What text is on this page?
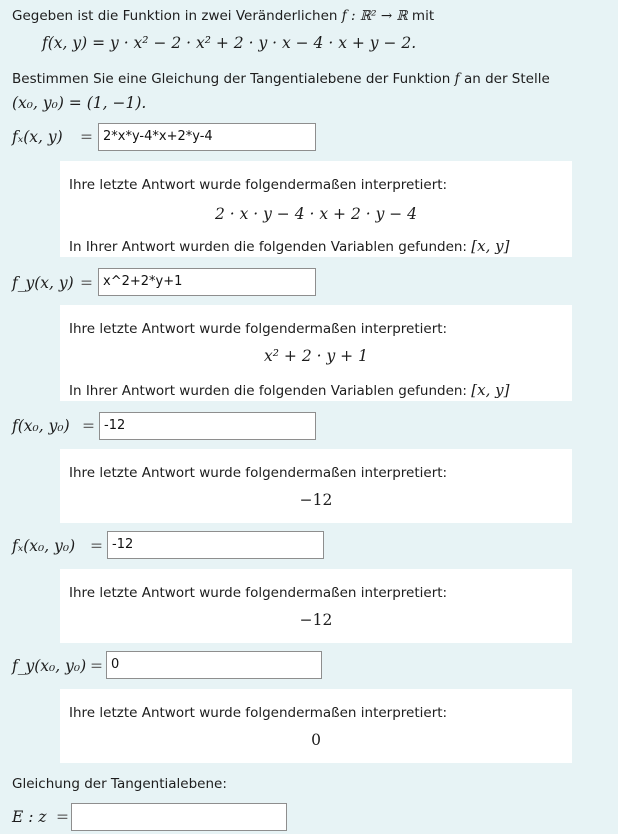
Gegeben ist die Funktion in zwei Veränderlichen f : ℝ² → ℝ mit
f(x, y) = y · x² − 2 · x² + 2 · y · x − 4 · x + y − 2.
Bestimmen Sie eine Gleichung der Tangentialebene der Funktion f an der Stelle
(x₀, y₀) = (1, −1).
fₓ(x, y) = 2*x*y-4*x+2*y-4
Ihre letzte Antwort wurde folgendermaßen interpretiert:
2 · x · y − 4 · x + 2 · y − 4
In Ihrer Antwort wurden die folgenden Variablen gefunden: [x, y]
f_y(x, y) = x^2+2*y+1
Ihre letzte Antwort wurde folgendermaßen interpretiert:
x² + 2 · y + 1
In Ihrer Antwort wurden die folgenden Variablen gefunden: [x, y]
f(x₀, y₀) = -12
Ihre letzte Antwort wurde folgendermaßen interpretiert:
−12
fₓ(x₀, y₀) = -12
Ihre letzte Antwort wurde folgendermaßen interpretiert:
−12
f_y(x₀, y₀) = 0
Ihre letzte Antwort wurde folgendermaßen interpretiert:
0
Gleichung der Tangentialebene:
E : z =
